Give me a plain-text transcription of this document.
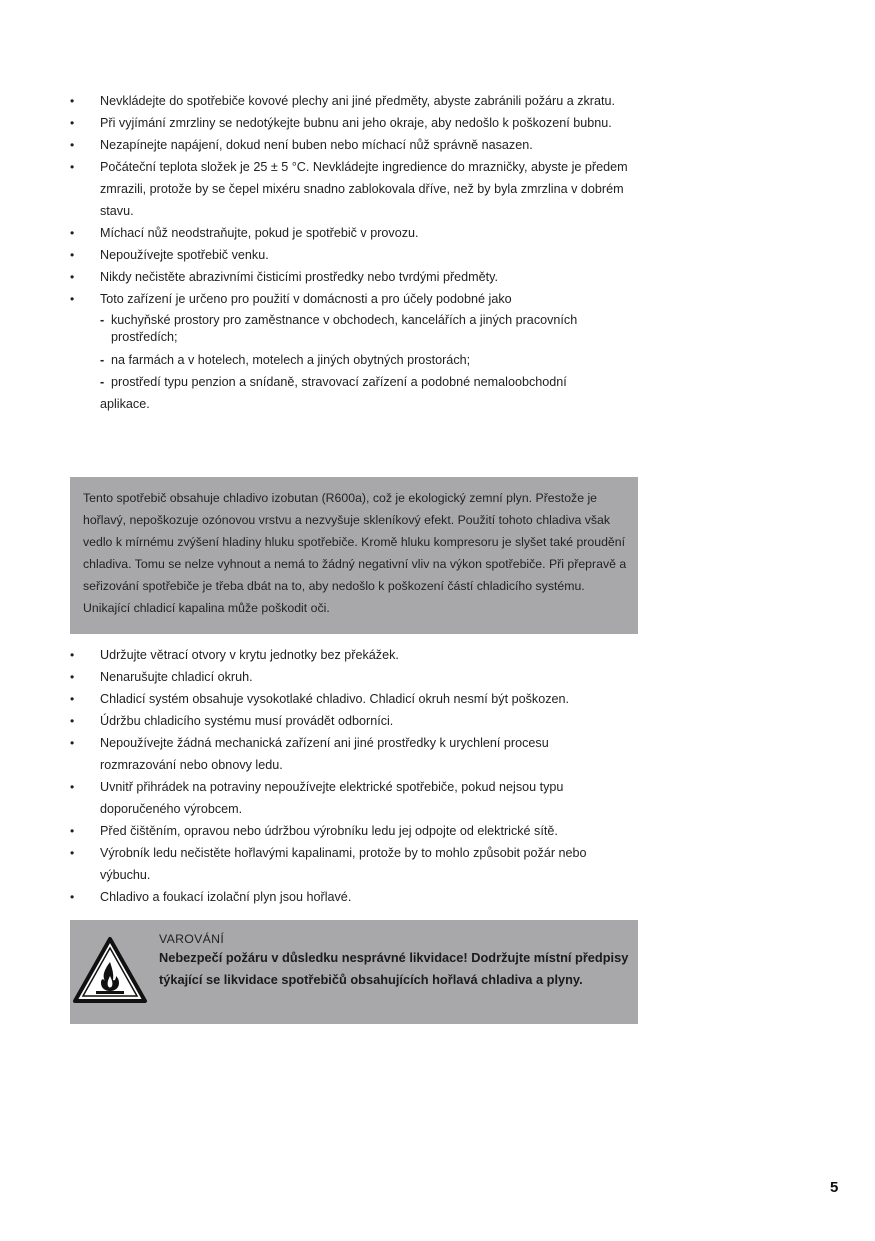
•	Nevkládejte do spotřebiče kovové plechy ani jiné předměty, abyste zabránili požáru a zkratu.
•	Při vyjímání zmrzliny se nedotýkejte bubnu ani jeho okraje, aby nedošlo k poškození bubnu.
•	Nezapínejte napájení, dokud není buben nebo míchací nůž správně nasazen.
•	Počáteční teplota složek je 25 ± 5 °C. Nevkládejte ingredience do mrazničky, abyste je předem zmrazili, protože by se čepel mixéru snadno zablokovala dříve, než by byla zmrzlina v dobrém stavu.
•	Míchací nůž neodstraňujte, pokud je spotřebič v provozu.
•	Nepoužívejte spotřebič venku.
•	Nikdy nečistěte abrazivními čisticími prostředky nebo tvrdými předměty.
•	Toto zařízení je určeno pro použití v domácnosti a pro účely podobné jako
- kuchyňské prostory pro zaměstnance v obchodech, kancelářích a jiných pracovních prostředích;
- na farmách a v hotelech, motelech a jiných obytných prostorách;
- prostředí typu penzion a snídaně, stravovací zařízení a podobné nemaloobchodní
aplikace.
Tento spotřebič obsahuje chladivo izobutan (R600a), což je ekologický zemní plyn. Přestože je hořlavý, nepoškozuje ozónovou vrstvu a nezvyšuje skleníkový efekt. Použití tohoto chladiva však vedlo k mírnému zvýšení hladiny hluku spotřebiče. Kromě hluku kompresoru je slyšet také proudění chladiva. Tomu se nelze vyhnout a nemá to žádný negativní vliv na výkon spotřebiče. Při přepravě a seřizování spotřebiče je třeba dbát na to, aby nedošlo k poškození částí chladicího systému. Unikající chladicí kapalina může poškodit oči.
•	Udržujte větrací otvory v krytu jednotky bez překážek.
•	Nenarušujte chladicí okruh.
•	Chladicí systém obsahuje vysokotlaké chladivo. Chladicí okruh nesmí být poškozen.
•	Údržbu chladicího systému musí provádět odborníci.
•	Nepoužívejte žádná mechanická zařízení ani jiné prostředky k urychlení procesu rozmrazování nebo obnovy ledu.
•	Uvnitř přihrádek na potraviny nepoužívejte elektrické spotřebiče, pokud nejsou typu doporučeného výrobcem.
•	Před čištěním, opravou nebo údržbou výrobníku ledu jej odpojte od elektrické sítě.
•	Výrobník ledu nečistěte hořlavými kapalinami, protože by to mohlo způsobit požár nebo výbuchu.
•	Chladivo a foukací izolační plyn jsou hořlavé.
VAROVÁNÍ
Nebezpečí požáru v důsledku nesprávné likvidace! Dodržujte místní předpisy týkající se likvidace spotřebičů obsahujících hořlavá chladiva a plyny.
5
